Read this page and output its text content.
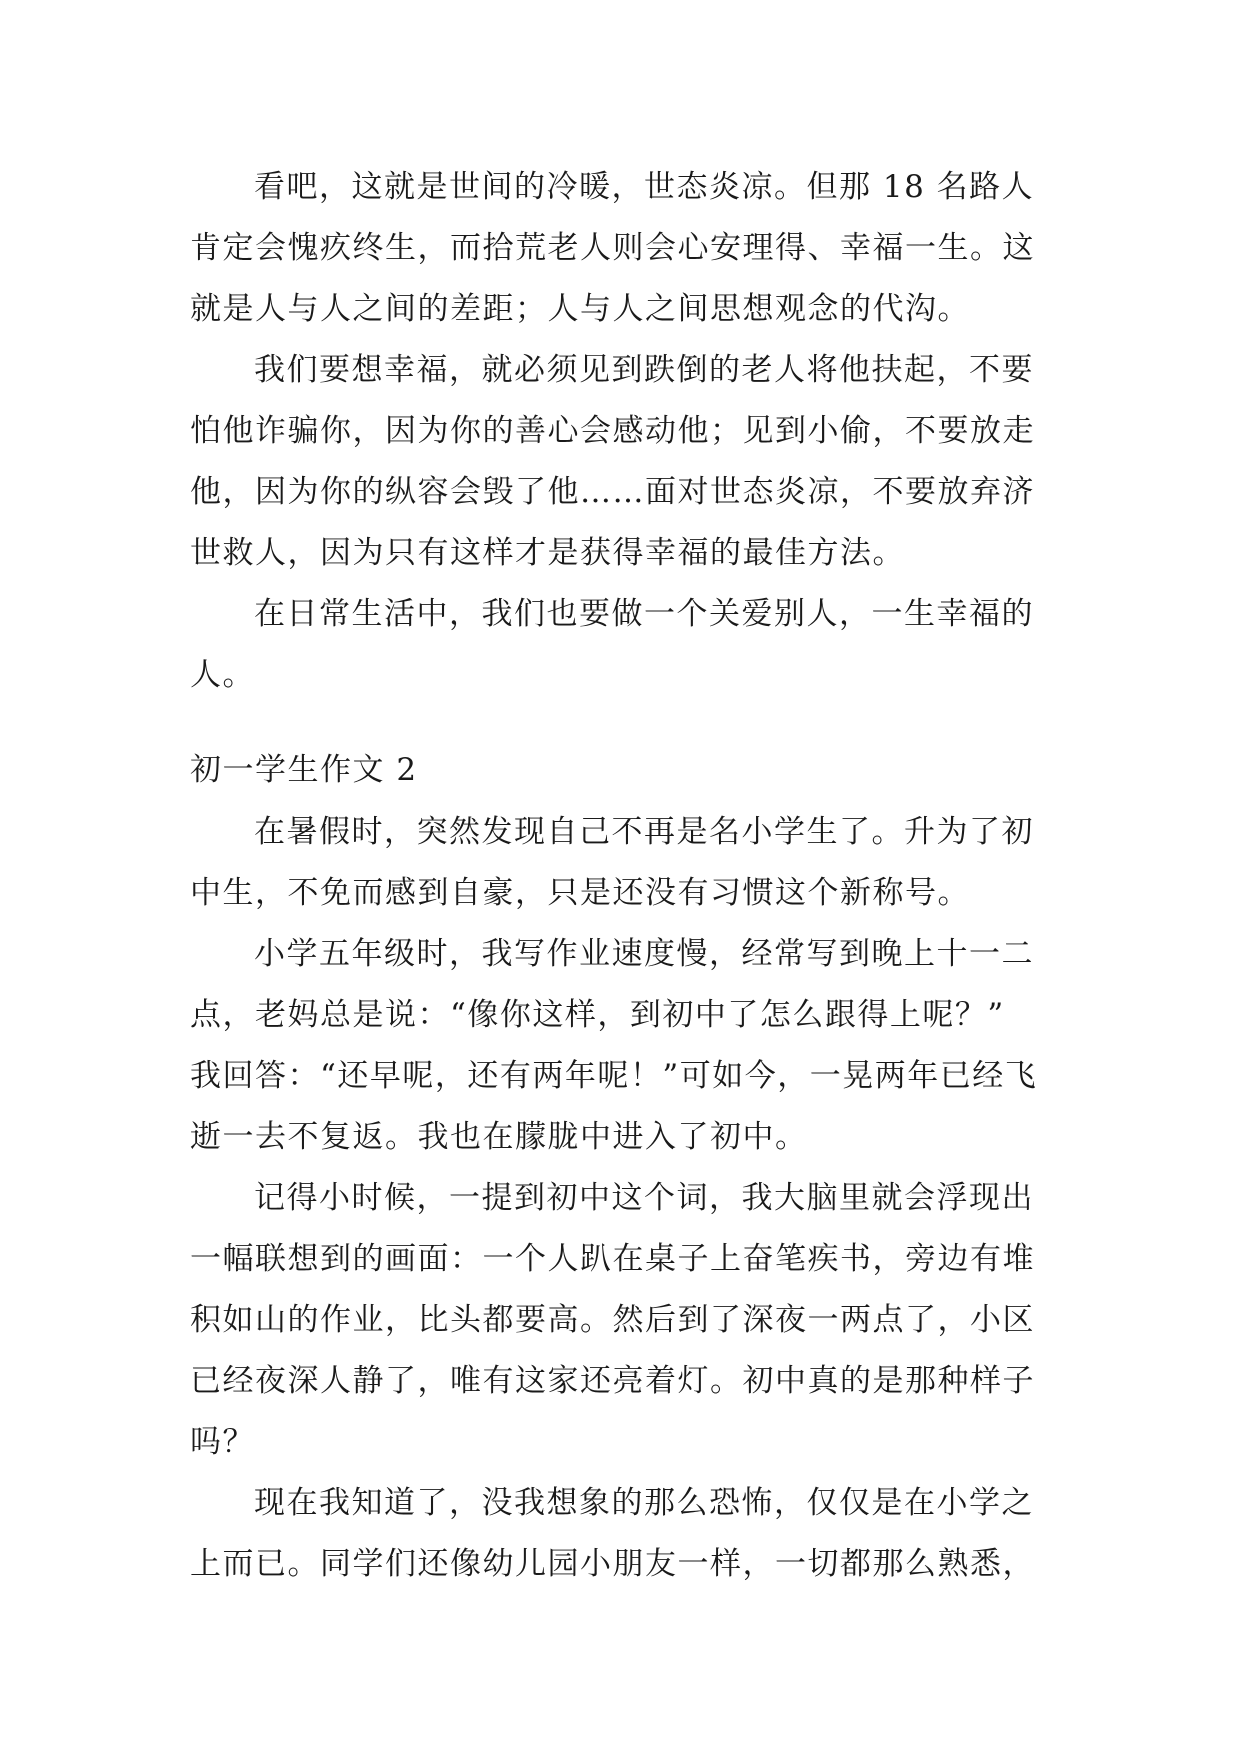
看吧，这就是世间的冷暖，世态炎凉。但那 18 名路人
肯定会愧疚终生，而拾荒老人则会心安理得、幸福一生。这
就是人与人之间的差距；人与人之间思想观念的代沟。
我们要想幸福，就必须见到跌倒的老人将他扶起，不要
怕他诈骗你，因为你的善心会感动他；见到小偷，不要放走
他，因为你的纵容会毁了他……面对世态炎凉，不要放弃济
世救人，因为只有这样才是获得幸福的最佳方法。
在日常生活中，我们也要做一个关爱别人，一生幸福的
人。
初一学生作文 2
在暑假时，突然发现自己不再是名小学生了。升为了初
中生，不免而感到自豪，只是还没有习惯这个新称号。
小学五年级时，我写作业速度慢，经常写到晚上十一二
点，老妈总是说：“像你这样，到初中了怎么跟得上呢？”
我回答：“还早呢，还有两年呢！”可如今，一晃两年已经飞
逝一去不复返。我也在朦胧中进入了初中。
记得小时候，一提到初中这个词，我大脑里就会浮现出
一幅联想到的画面：一个人趴在桌子上奋笔疾书，旁边有堆
积如山的作业，比头都要高。然后到了深夜一两点了，小区
已经夜深人静了，唯有这家还亮着灯。初中真的是那种样子
吗？
现在我知道了，没我想象的那么恐怖，仅仅是在小学之
上而已。同学们还像幼儿园小朋友一样，一切都那么熟悉，
